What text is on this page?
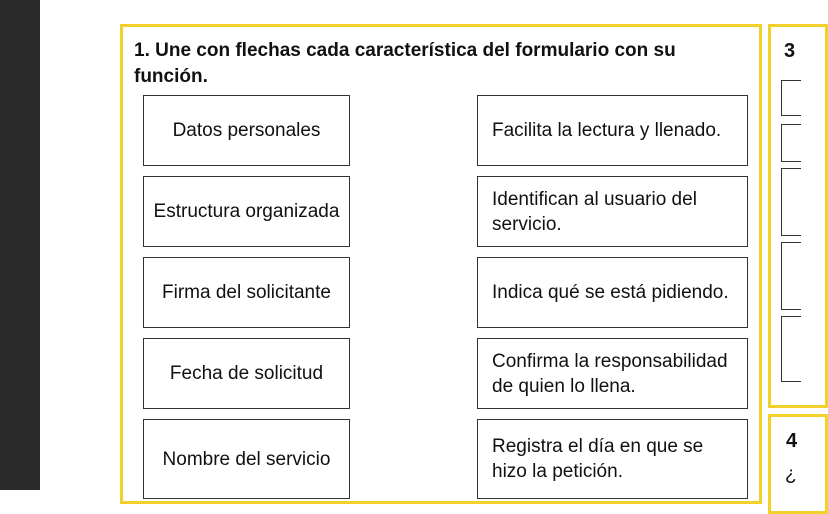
1. Une con flechas cada característica del formulario con su función.
Datos personales
Estructura organizada
Firma del solicitante
Fecha de solicitud
Nombre del servicio
Facilita la lectura y llenado.
Identifican al usuario del servicio.
Indica qué se está pidiendo.
Confirma la responsabilidad de quien lo llena.
Registra el día en que se hizo la petición.
3
4
¿
